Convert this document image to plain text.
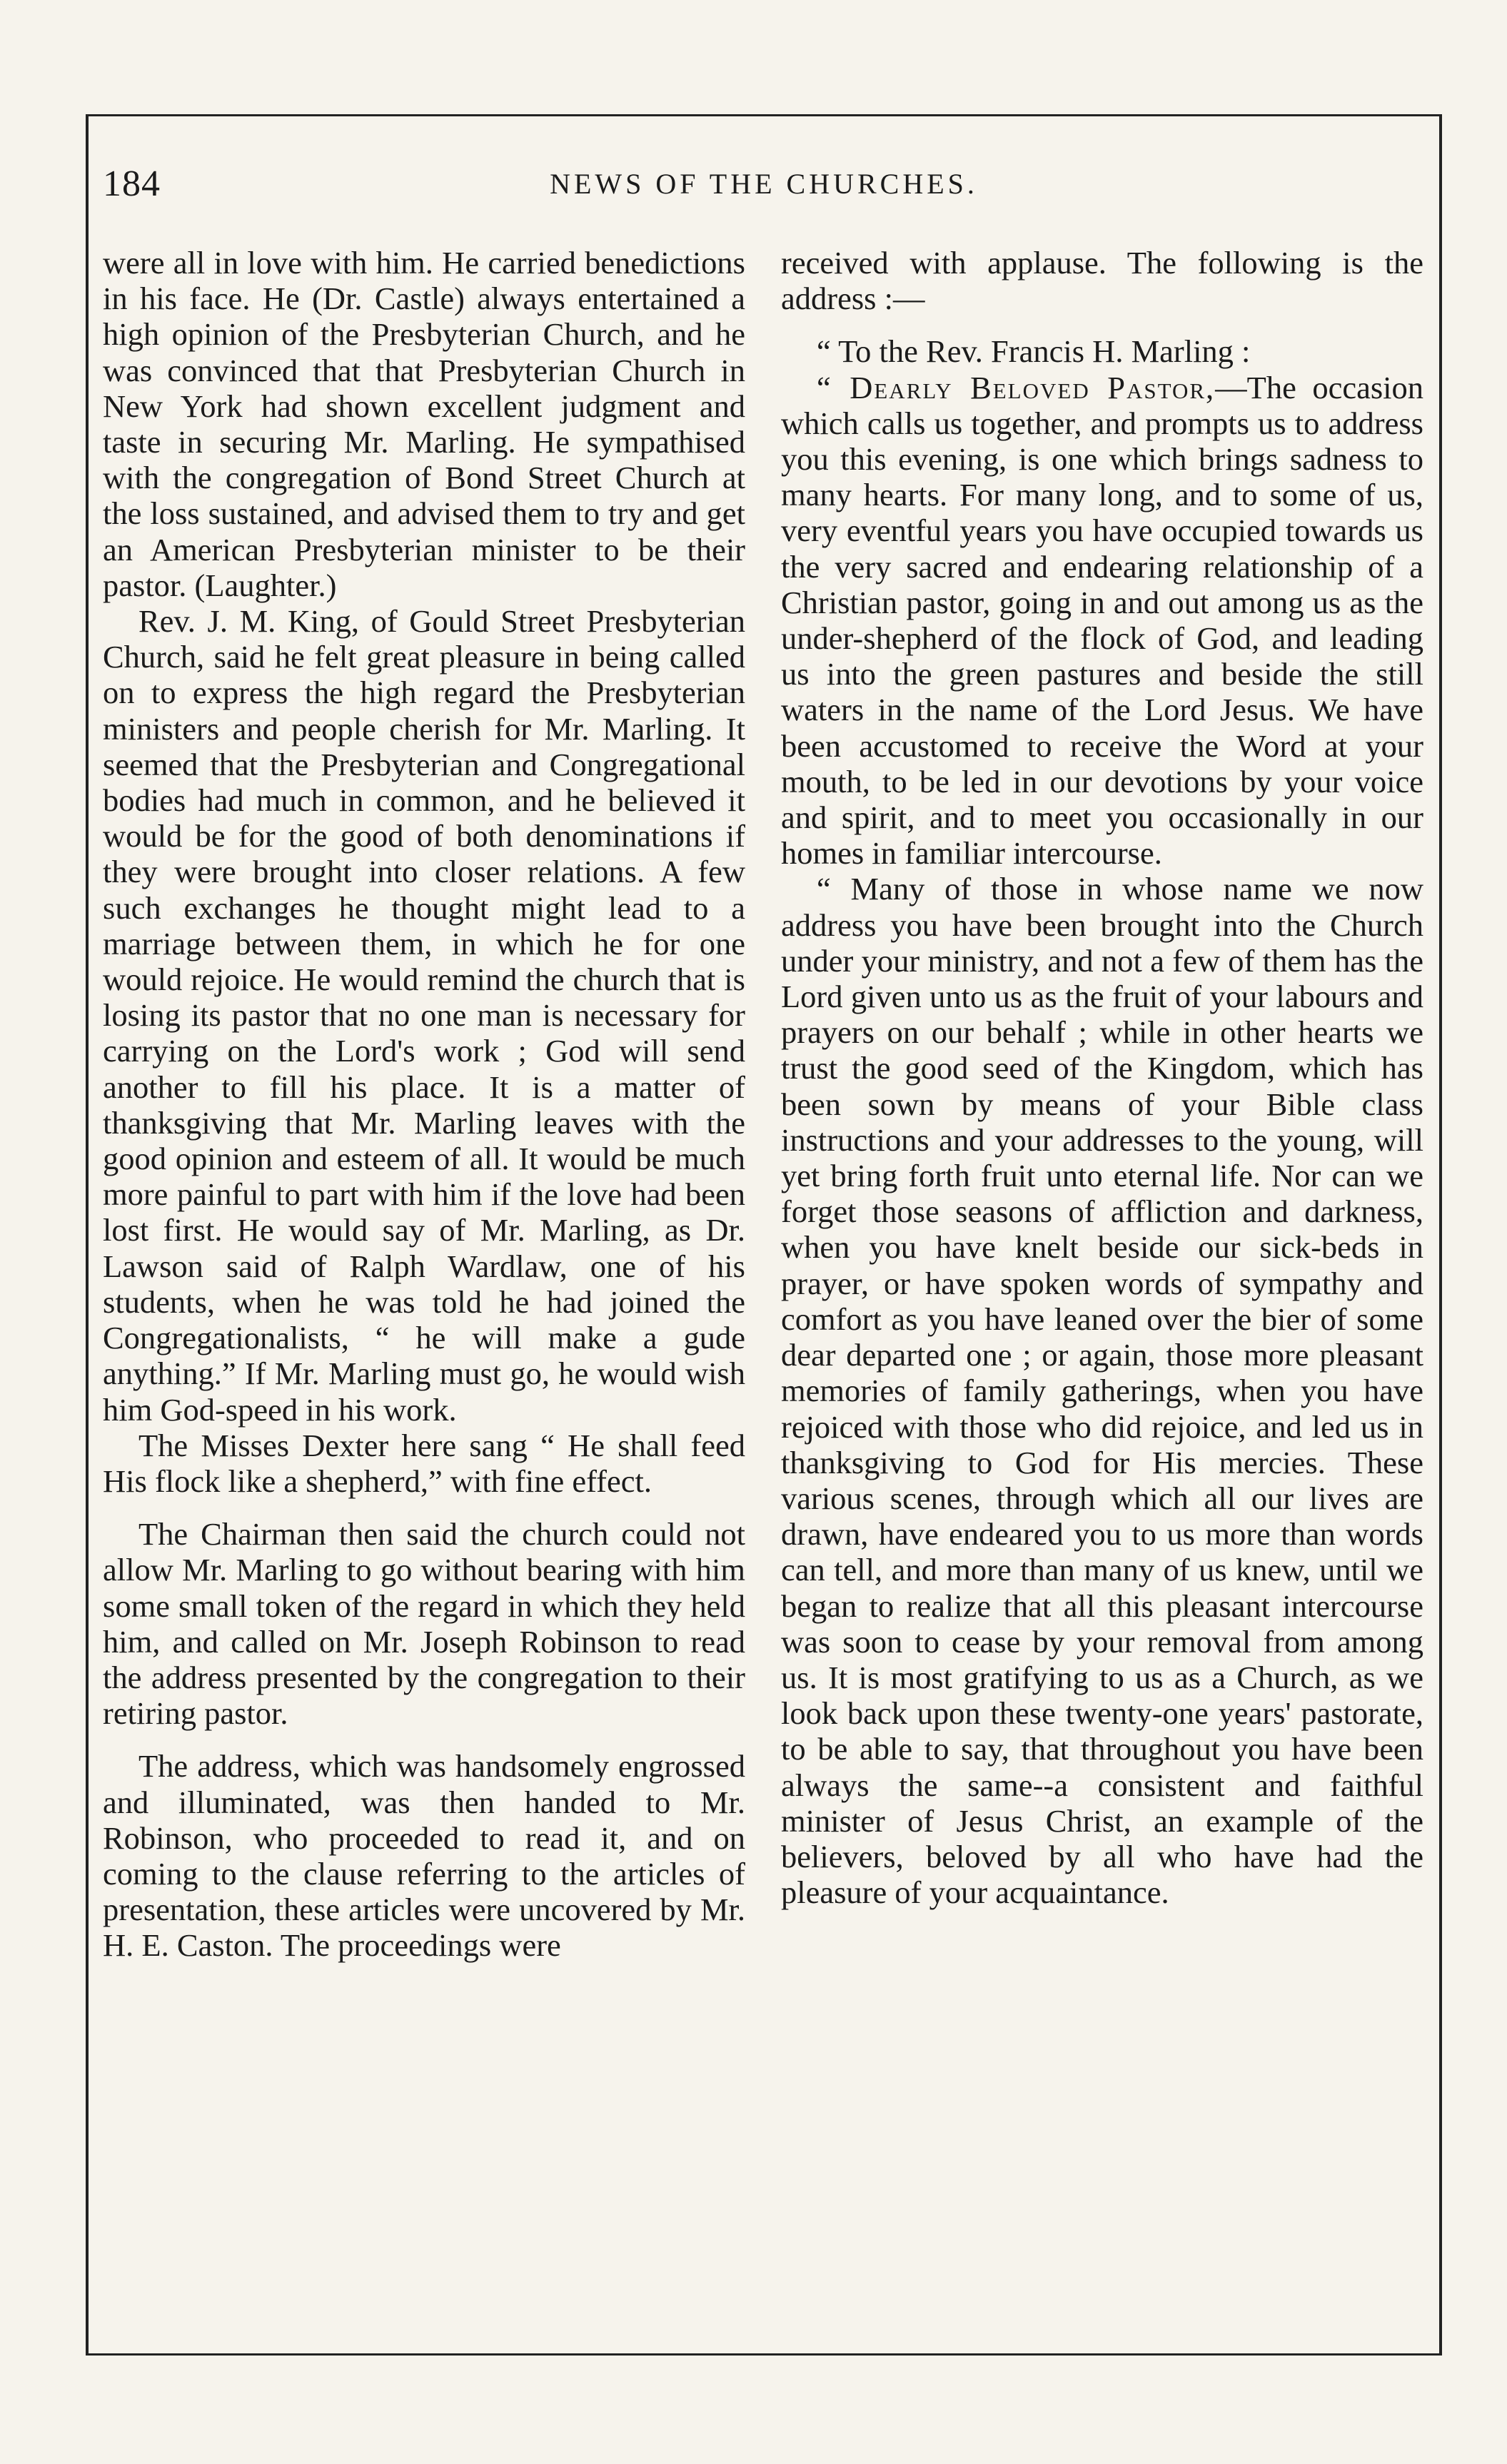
184	NEWS OF THE CHURCHES.

were all in love with him. He carried benedictions in his face. He (Dr. Castle) always entertained a high opinion of the Presbyterian Church, and he was convinced that that Presbyterian Church in New York had shown excellent judgment and taste in securing Mr. Marling. He sympathised with the congregation of Bond Street Church at the loss sustained, and advised them to try and get an American Presbyterian minister to be their pastor. (Laughter.)

Rev. J. M. King, of Gould Street Presbyterian Church, said he felt great pleasure in being called on to express the high regard the Presbyterian ministers and people cherish for Mr. Marling. It seemed that the Presbyterian and Congregational bodies had much in common, and he believed it would be for the good of both denominations if they were brought into closer relations. A few such exchanges he thought might lead to a marriage between them, in which he for one would rejoice. He would remind the church that is losing its pastor that no one man is necessary for carrying on the Lord's work ; God will send another to fill his place. It is a matter of thanksgiving that Mr. Marling leaves with the good opinion and esteem of all. It would be much more painful to part with him if the love had been lost first. He would say of Mr. Marling, as Dr. Lawson said of Ralph Wardlaw, one of his students, when he was told he had joined the Congregationalists, “ he will make a gude anything.” If Mr. Marling must go, he would wish him God-speed in his work.

The Misses Dexter here sang “ He shall feed His flock like a shepherd,” with fine effect.

The Chairman then said the church could not allow Mr. Marling to go without bearing with him some small token of the regard in which they held him, and called on Mr. Joseph Robinson to read the address presented by the congregation to their retiring pastor.

The address, which was handsomely engrossed and illuminated, was then handed to Mr. Robinson, who proceeded to read it, and on coming to the clause referring to the articles of presentation, these articles were uncovered by Mr. H. E. Caston. The proceedings were

received with applause. The following is the address :—

“ To the Rev. Francis H. Marling :

“ Dearly Beloved Pastor,—The occasion which calls us together, and prompts us to address you this evening, is one which brings sadness to many hearts. For many long, and to some of us, very eventful years you have occupied towards us the very sacred and endearing relationship of a Christian pastor, going in and out among us as the under-shepherd of the flock of God, and leading us into the green pastures and beside the still waters in the name of the Lord Jesus. We have been accustomed to receive the Word at your mouth, to be led in our devotions by your voice and spirit, and to meet you occasionally in our homes in familiar intercourse.

“ Many of those in whose name we now address you have been brought into the Church under your ministry, and not a few of them has the Lord given unto us as the fruit of your labours and prayers on our behalf ; while in other hearts we trust the good seed of the Kingdom, which has been sown by means of your Bible class instructions and your addresses to the young, will yet bring forth fruit unto eternal life. Nor can we forget those seasons of affliction and darkness, when you have knelt beside our sick-beds in prayer, or have spoken words of sympathy and comfort as you have leaned over the bier of some dear departed one ; or again, those more pleasant memories of family gatherings, when you have rejoiced with those who did rejoice, and led us in thanksgiving to God for His mercies. These various scenes, through which all our lives are drawn, have endeared you to us more than words can tell, and more than many of us knew, until we began to realize that all this pleasant intercourse was soon to cease by your removal from among us. It is most gratifying to us as a Church, as we look back upon these twenty-one years' pastorate, to be able to say, that throughout you have been always the same--a consistent and faithful minister of Jesus Christ, an example of the believers, beloved by all who have had the pleasure of your acquaintance.
